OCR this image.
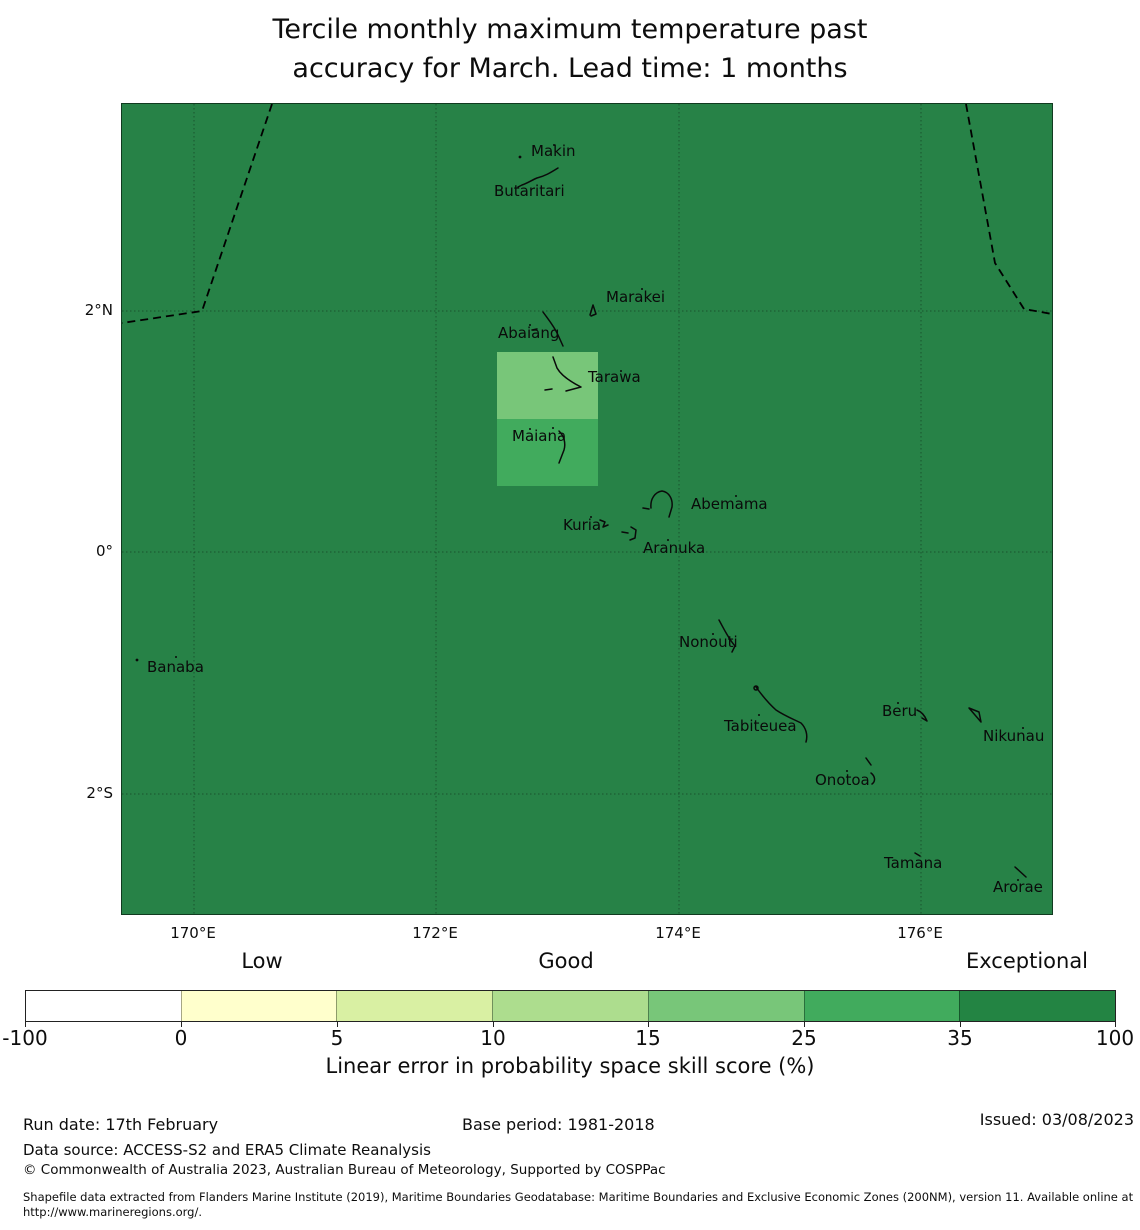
Tercile monthly maximum temperature past
accuracy for March. Lead time: 1 months
2°N
0°
2°S
Makin
Butaritari
Marakei
Abaiang
Tarawa
Maiana
Abemama
Kuria
Aranuka
Nonouti
Banaba
Tabiteuea
Beru
Nikunau
Onotoa
Tamana
Arorae
170°E	172°E	174°E	176°E
Low	Good	Exceptional
-100	0	5	10	15	25	35	100
Linear error in probability space skill score (%)
Run date: 17th February	Base period: 1981-2018	Issued: 03/08/2023
Data source: ACCESS-S2 and ERA5 Climate Reanalysis
© Commonwealth of Australia 2023, Australian Bureau of Meteorology, Supported by COSPPac
Shapefile data extracted from Flanders Marine Institute (2019), Maritime Boundaries Geodatabase: Maritime Boundaries and Exclusive Economic Zones (200NM), version 11. Available online at http://www.marineregions.org/.
